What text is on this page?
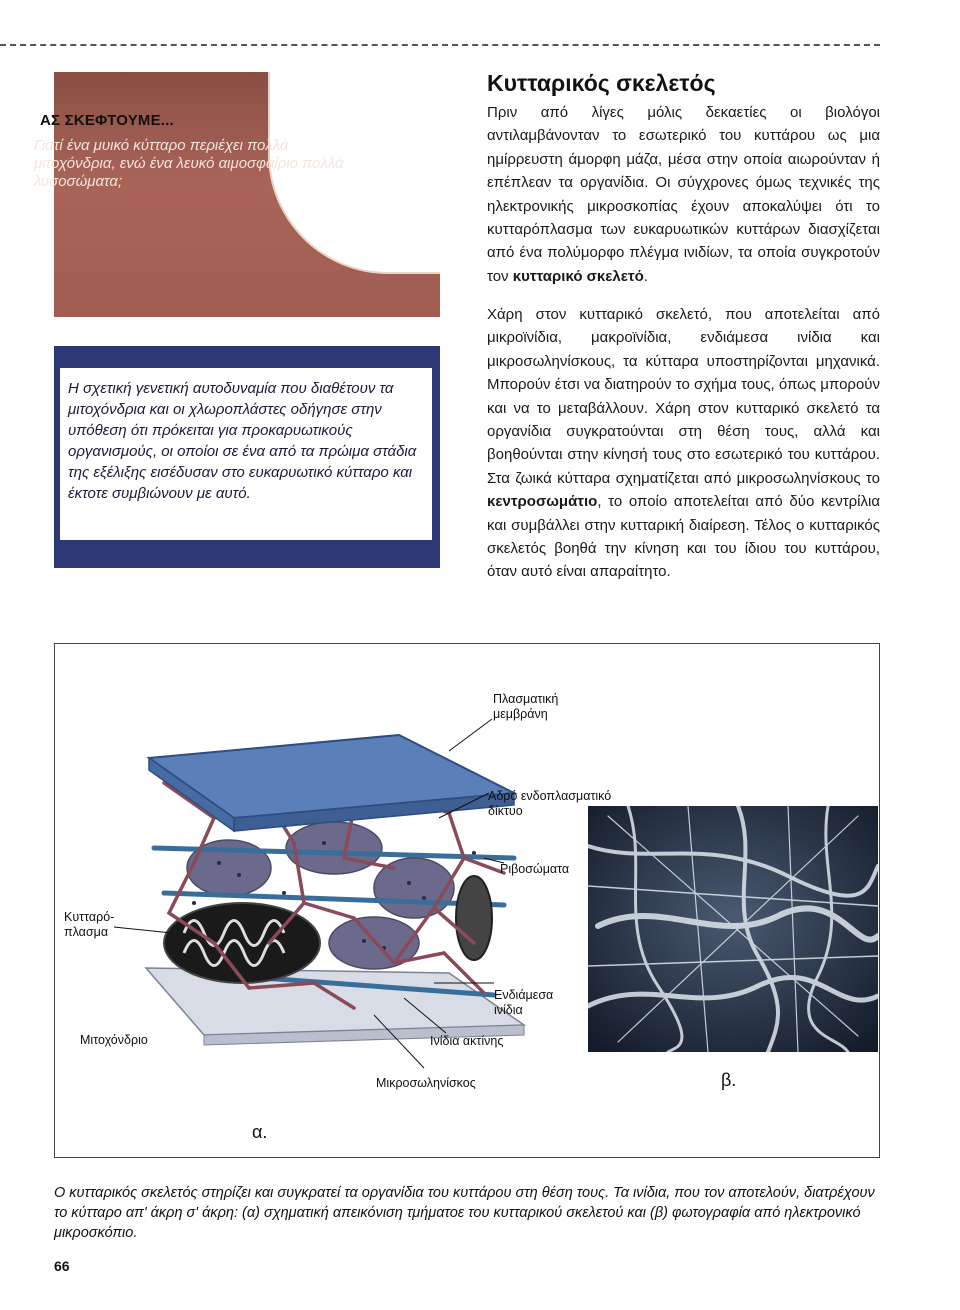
ΑΣ ΣΚΕΦΤΟΥΜΕ...

Γιατί ένα μυικό κύτταρο περιέχει πολλά μιτοχόνδρια, ενώ ένα λευκό αιμοσφαίριο πολλά λυσοσώματα;

Η σχετική γενετική αυτοδυναμία που διαθέτουν τα μιτοχόνδρια και οι χλωροπλάστες οδήγησε στην υπόθεση ότι πρόκειται για προκαρυωτικούς οργανισμούς, οι οποίοι σε ένα από τα πρώιμα στάδια της εξέλιξης εισέδυσαν στο ευκαρυωτικό κύτταρο και έκτοτε συμβιώνουν με αυτό.

Κυτταρικός σκελετός

Πριν από λίγες μόλις δεκαετίες οι βιολόγοι αντιλαμβάνονταν το εσωτερικό του κυττάρου ως μια ημίρρευστη άμορφη μάζα, μέσα στην οποία αιωρούνταν ή επέπλεαν τα οργανίδια. Οι σύγχρονες όμως τεχνικές της ηλεκτρονικής μικροσκοπίας έχουν αποκαλύψει ότι το κυτταρόπλασμα των ευκαρυωτικών κυττάρων διασχίζεται από ένα πολύμορφο πλέγμα ινιδίων, τα οποία συγκροτούν τον κυτταρικό σκελετό.

Χάρη στον κυτταρικό σκελετό, που αποτελείται από μικροϊνίδια, μακροϊνίδια, ενδιάμεσα ινίδια και μικροσωληνίσκους, τα κύτταρα υποστηρίζονται μηχανικά. Μπορούν έτσι να διατηρούν το σχήμα τους, όπως μπορούν και να το μεταβάλλουν. Χάρη στον κυτταρικό σκελετό τα οργανίδια συγκρατούνται στη θέση τους, αλλά και βοηθούνται στην κίνησή τους στο εσωτερικό του κυττάρου. Στα ζωικά κύτταρα σχηματίζεται από μικροσωληνίσκους το κεντροσωμάτιο, το οποίο αποτελείται από δύο κεντρίλια και συμβάλλει στην κυτταρική διαίρεση. Τέλος ο κυτταρικός σκελετός βοηθά την κίνηση και του ίδιου του κυττάρου, όταν αυτό είναι απαραίτητο.

Πλασματική

μεμβράνη

Αδρό ενδοπλασματικό

δίκτυο

Ριβοσώματα

Κυτταρό-

πλασμα

Ενδιάμεσα

ινίδια

Μιτοχόνδριο	Ινίδια ακτίνης

Μικροσωληνίσκος	β.

α.

Ο κυτταρικός σκελετός στηρίζει και συγκρατεί τα οργανίδια του κυττάρου στη θέση τους. Τα ινίδια, που τον αποτελούν, διατρέχουν το κύτταρο απ' άκρη σ' άκρη: (α) σχηματική απεικόνιση τμήματοε του κυτταρικού σκελετού και (β) φωτογραφία από ηλεκτρονικό μικροσκόπιο.

66
